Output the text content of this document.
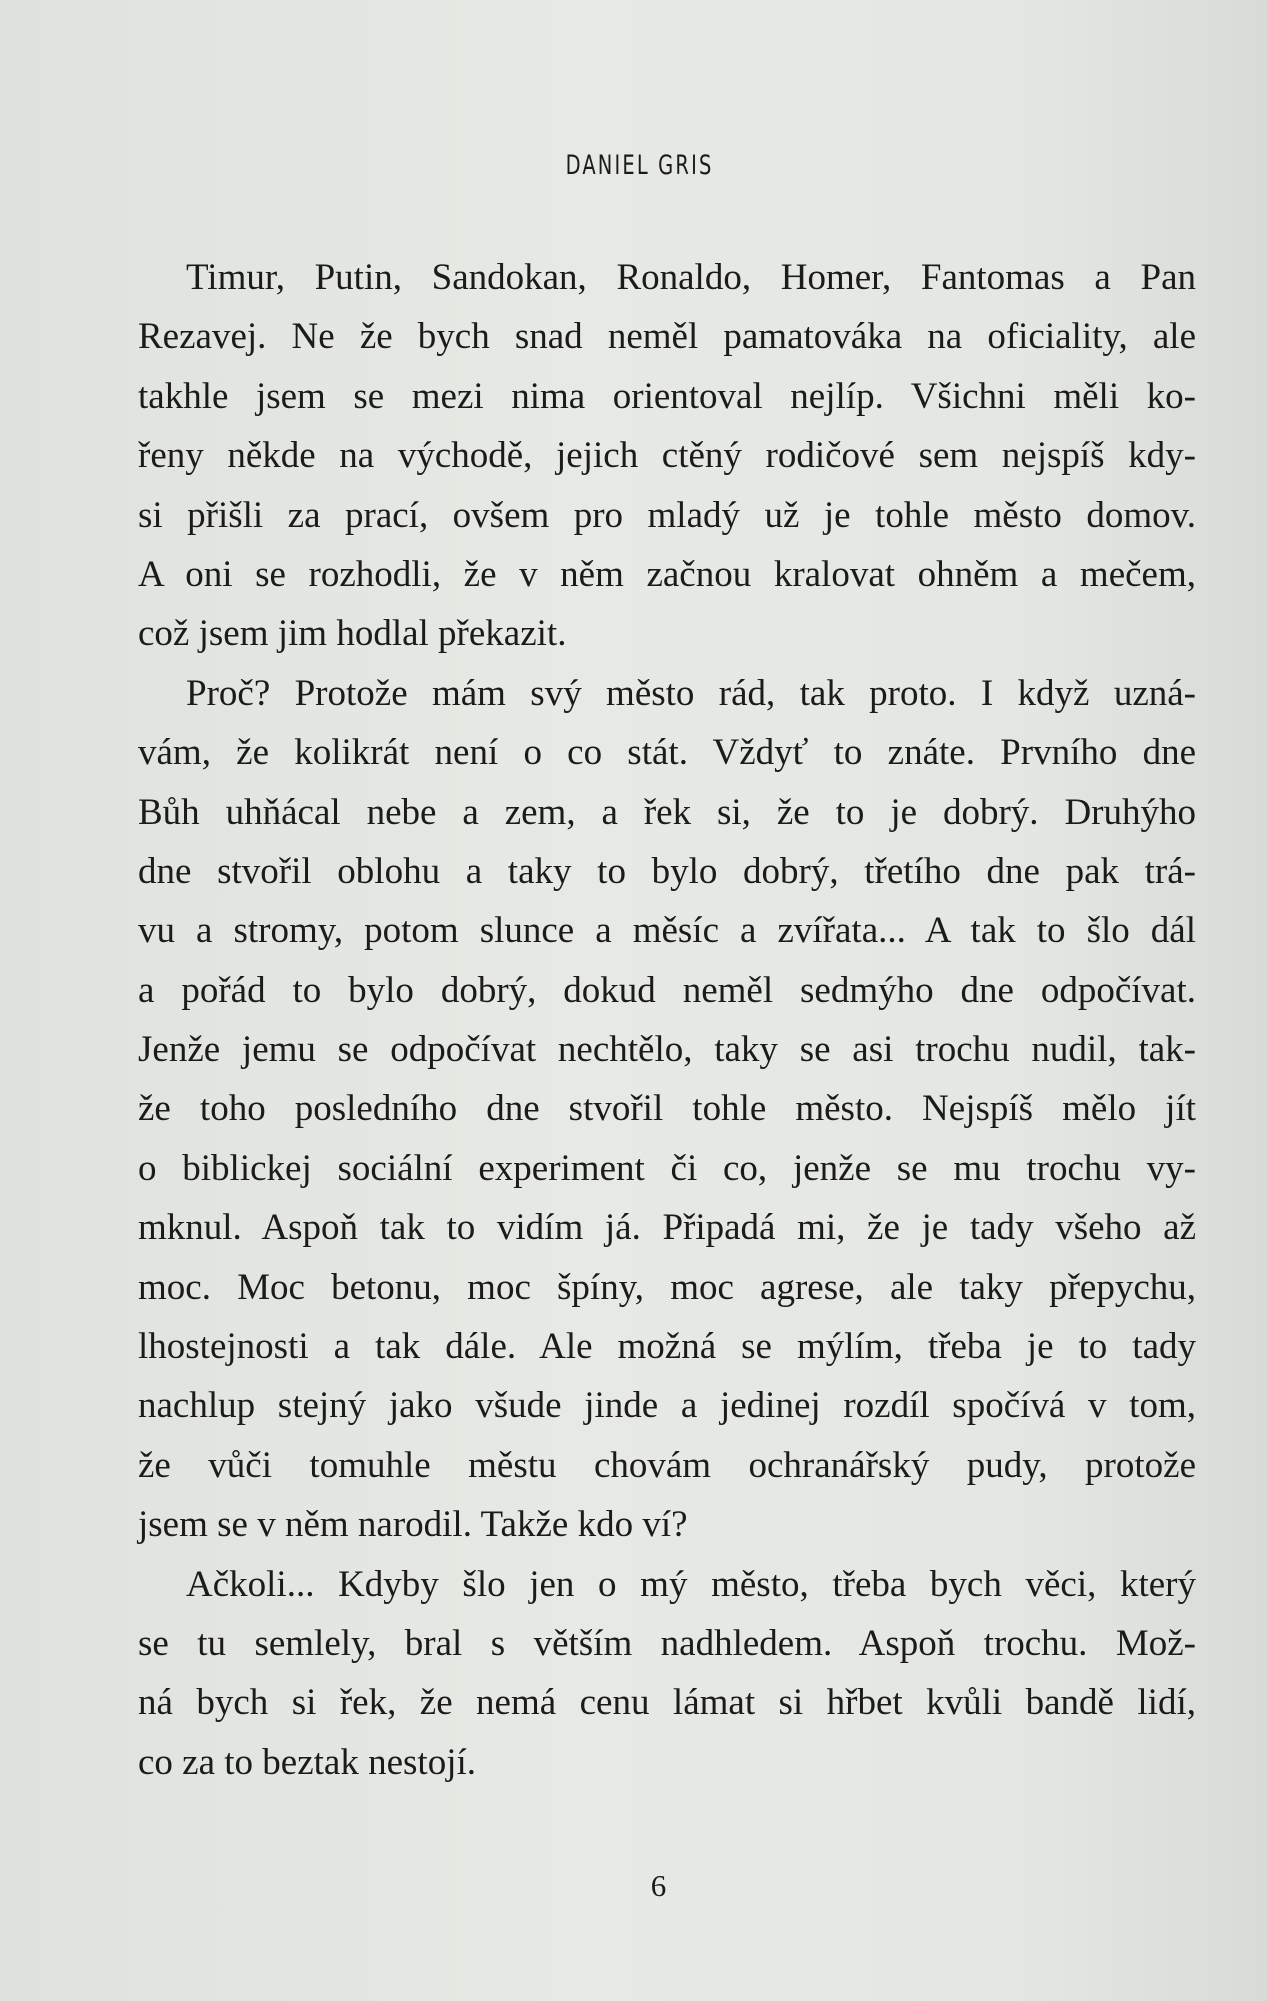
DANIEL GRIS
Timur, Putin, Sandokan, Ronaldo, Homer, Fantomas a Pan
Rezavej. Ne že bych snad neměl pamatováka na oficiality, ale
takhle jsem se mezi nima orientoval nejlíp. Všichni měli ko-
řeny někde na východě, jejich ctěný rodičové sem nejspíš kdy-
si přišli za prací, ovšem pro mladý už je tohle město domov.
A oni se rozhodli, že v něm začnou kralovat ohněm a mečem,
což jsem jim hodlal překazit.
Proč? Protože mám svý město rád, tak proto. I když uzná-
vám, že kolikrát není o co stát. Vždyť to znáte. Prvního dne
Bůh uhňácal nebe a zem, a řek si, že to je dobrý. Druhýho
dne stvořil oblohu a taky to bylo dobrý, třetího dne pak trá-
vu a stromy, potom slunce a měsíc a zvířata... A tak to šlo dál
a pořád to bylo dobrý, dokud neměl sedmýho dne odpočívat.
Jenže jemu se odpočívat nechtělo, taky se asi trochu nudil, tak-
že toho posledního dne stvořil tohle město. Nejspíš mělo jít
o biblickej sociální experiment či co, jenže se mu trochu vy-
mknul. Aspoň tak to vidím já. Připadá mi, že je tady všeho až
moc. Moc betonu, moc špíny, moc agrese, ale taky přepychu,
lhostejnosti a tak dále. Ale možná se mýlím, třeba je to tady
nachlup stejný jako všude jinde a jedinej rozdíl spočívá v tom,
že vůči tomuhle městu chovám ochranářský pudy, protože
jsem se v něm narodil. Takže kdo ví?
Ačkoli... Kdyby šlo jen o mý město, třeba bych věci, který
se tu semlely, bral s větším nadhledem. Aspoň trochu. Mož-
ná bych si řek, že nemá cenu lámat si hřbet kvůli bandě lidí,
co za to beztak nestojí.
6
